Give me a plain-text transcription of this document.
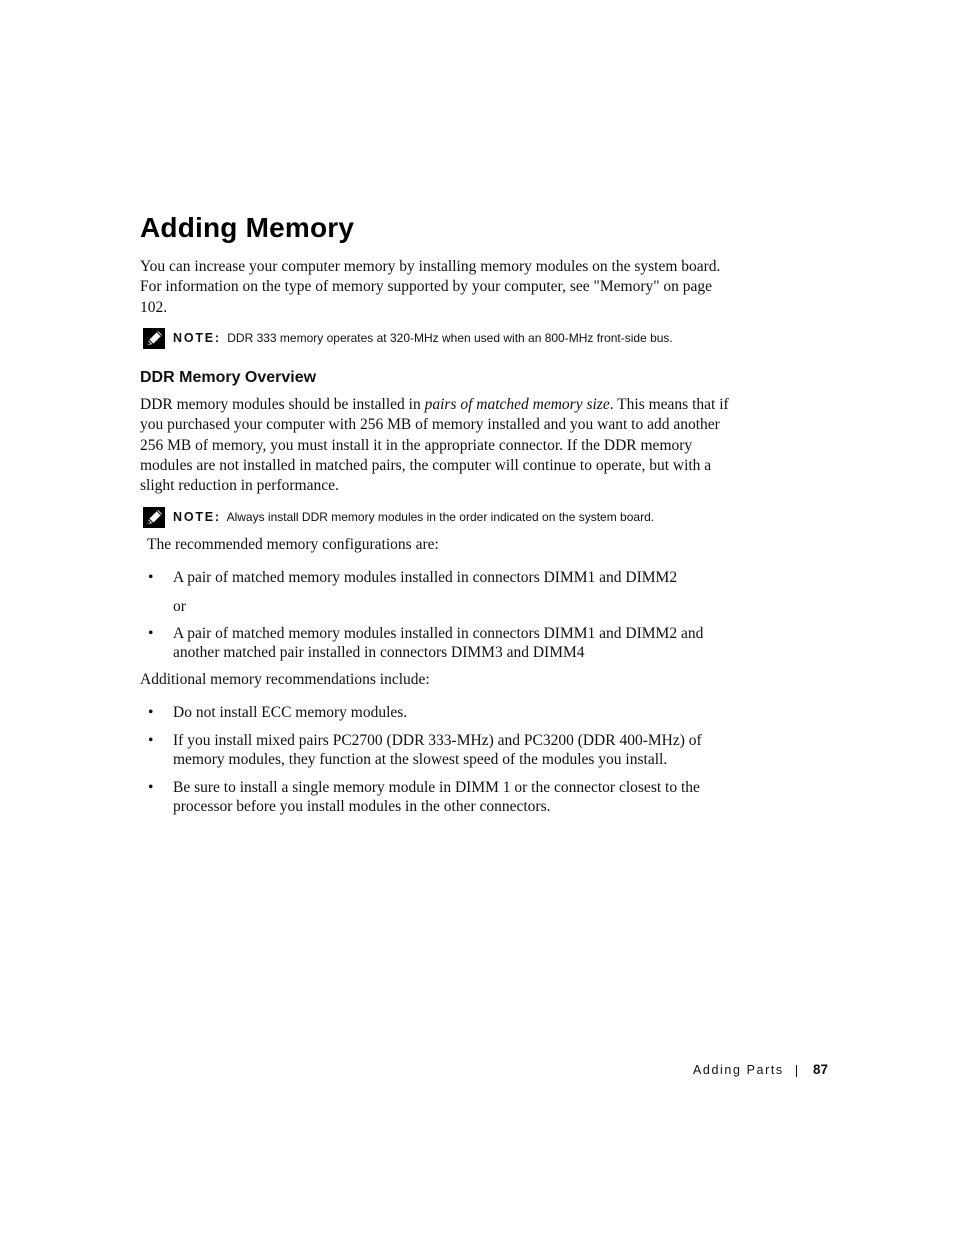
Adding Memory

You can increase your computer memory by installing memory modules on the system board. For information on the type of memory supported by your computer, see "Memory" on page 102.

NOTE: DDR 333 memory operates at 320-MHz when used with an 800-MHz front-side bus.
DDR Memory Overview

DDR memory modules should be installed in pairs of matched memory size. This means that if you purchased your computer with 256 MB of memory installed and you want to add another 256 MB of memory, you must install it in the appropriate connector. If the DDR memory modules are not installed in matched pairs, the computer will continue to operate, but with a slight reduction in performance.

NOTE: Always install DDR memory modules in the order indicated on the system board.

The recommended memory configurations are:

• A pair of matched memory modules installed in connectors DIMM1 and DIMM2
or
• A pair of matched memory modules installed in connectors DIMM1 and DIMM2 and another matched pair installed in connectors DIMM3 and DIMM4

Additional memory recommendations include:

• Do not install ECC memory modules.
• If you install mixed pairs PC2700 (DDR 333-MHz) and PC3200 (DDR 400-MHz) of memory modules, they function at the slowest speed of the modules you install.
• Be sure to install a single memory module in DIMM 1 or the connector closest to the processor before you install modules in the other connectors.
Adding Parts 87
